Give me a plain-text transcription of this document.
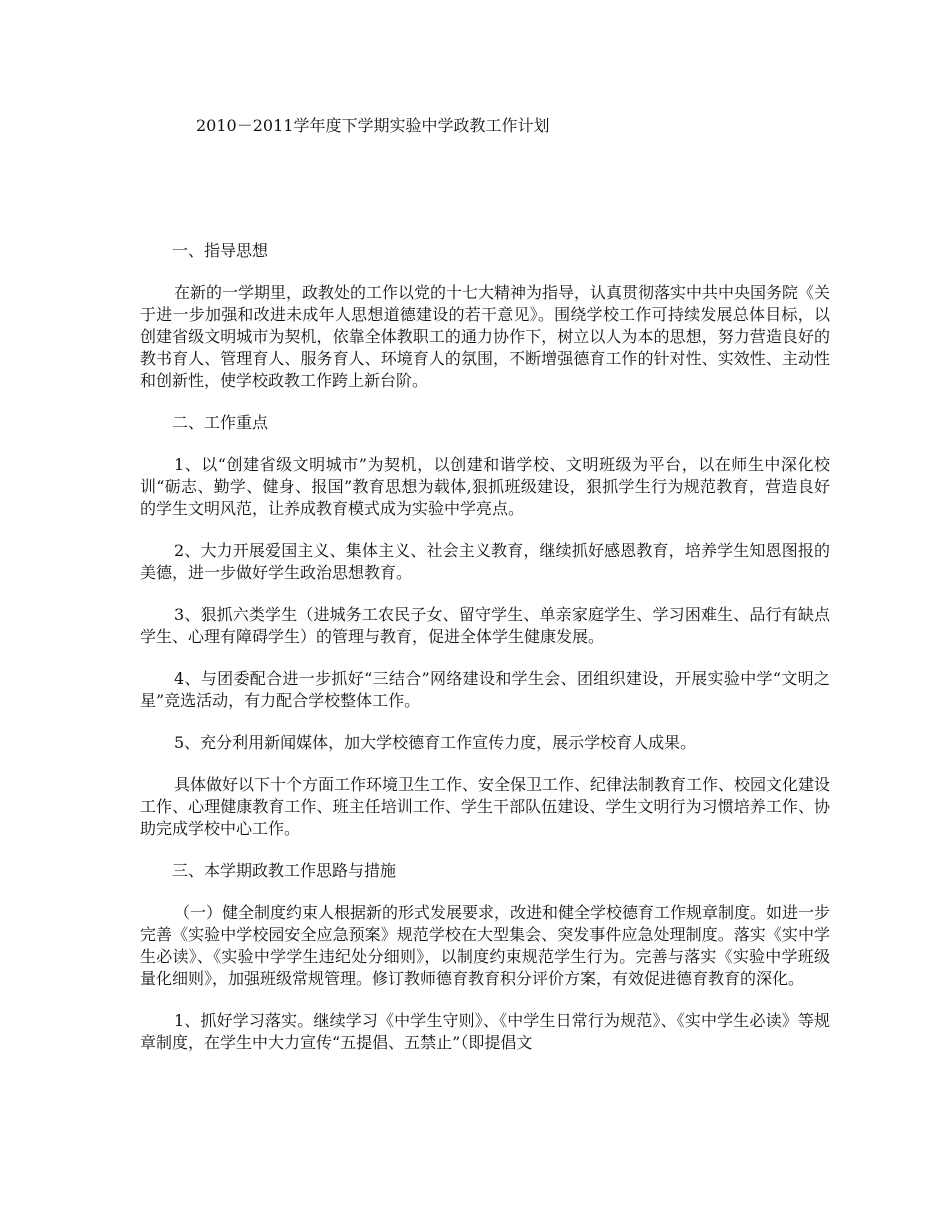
2010－2011学年度下学期实验中学政教工作计划
一、指导思想
在新的一学期里，政教处的工作以党的十七大精神为指导，认真贯彻落实中共中央国务院《关于进一步加强和改进未成年人思想道德建设的若干意见》。围绕学校工作可持续发展总体目标，以创建省级文明城市为契机，依靠全体教职工的通力协作下，树立以人为本的思想，努力营造良好的教书育人、管理育人、服务育人、环境育人的氛围，不断增强德育工作的针对性、实效性、主动性和创新性，使学校政教工作跨上新台阶。
二、工作重点
1、以“创建省级文明城市”为契机，以创建和谐学校、文明班级为平台，以在师生中深化校训“砺志、勤学、健身、报国”教育思想为载体,狠抓班级建设，狠抓学生行为规范教育，营造良好的学生文明风范，让养成教育模式成为实验中学亮点。
2、大力开展爱国主义、集体主义、社会主义教育，继续抓好感恩教育，培养学生知恩图报的美德，进一步做好学生政治思想教育。
3、狠抓六类学生（进城务工农民子女、留守学生、单亲家庭学生、学习困难生、品行有缺点学生、心理有障碍学生）的管理与教育，促进全体学生健康发展。
4、与团委配合进一步抓好“三结合”网络建设和学生会、团组织建设，开展实验中学“文明之星”竞选活动，有力配合学校整体工作。
5、充分利用新闻媒体，加大学校德育工作宣传力度，展示学校育人成果。
具体做好以下十个方面工作环境卫生工作、安全保卫工作、纪律法制教育工作、校园文化建设工作、心理健康教育工作、班主任培训工作、学生干部队伍建设、学生文明行为习惯培养工作、协助完成学校中心工作。
三、本学期政教工作思路与措施
（一）健全制度约束人根据新的形式发展要求，改进和健全学校德育工作规章制度。如进一步完善《实验中学校园安全应急预案》规范学校在大型集会、突发事件应急处理制度。落实《实中学生必读》、《实验中学学生违纪处分细则》，以制度约束规范学生行为。完善与落实《实验中学班级量化细则》，加强班级常规管理。修订教师德育教育积分评价方案，有效促进德育教育的深化。
1、抓好学习落实。继续学习《中学生守则》、《中学生日常行为规范》、《实中学生必读》等规章制度，在学生中大力宣传“五提倡、五禁止”（即提倡文
